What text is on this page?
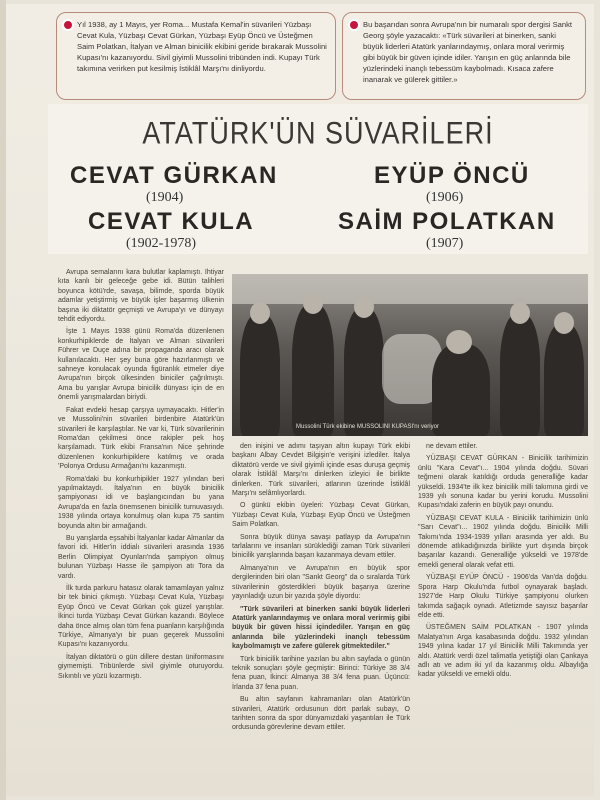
Yıl 1938, ay 1 Mayıs, yer Roma... Mustafa Kemal'in süvarileri Yüzbaşı Cevat Kula, Yüzbaşı Cevat Gürkan, Yüzbaşı Eyüp Öncü ve Üsteğmen Saim Polatkan, İtalyan ve Alman binicilik ekibini geride bırakarak Mussolini Kupası'nı kazanıyordu. Sivil giyimli Mussolini tribünden indi. Kupayı Türk takımına verirken put kesilmiş İstiklâl Marşı'nı dinliyordu.
Bu başarıdan sonra Avrupa'nın bir numaralı spor dergisi Sankt Georg şöyle yazacaktı: «Türk süvarileri at binerken, sanki büyük liderleri Atatürk yanlarındaymış, onlara moral verirmiş gibi büyük bir güven içinde idiler. Yarışın en güç anlarında bile yüzlerindeki inançlı tebessüm kaybolmadı. Kısaca zafere inanarak ve gülerek gittiler.»
ATATÜRK'ÜN SÜVARİLERİ
CEVAT GÜRKAN
(1904)
EYÜP ÖNCÜ
(1906)
CEVAT KULA
(1902-1978)
SAİM POLATKAN
(1907)

Avrupa semalarını kara bulutlar kaplamıştı. İhtiyar kıta kanlı bir geleceğe gebe idi. Bütün talihleri boyunca kötü'rde, savaşa, bilimde, sporda büyük adamlar yetiştirmiş ve büyük işler başarmış ülkenin başına iki diktatör geçmişti ve Avrupa'yı ve dünyayı tehdit ediyordu.

İşte 1 Mayıs 1938 günü Roma'da düzenlenen konkurhipiklerde de İtalyan ve Alman süvarileri Führer ve Duçe adına bir propaganda aracı olarak kullanılacaktı. Her şey buna göre hazırlanmıştı ve sahneye konulacak oyunda figüranlık etmeler diye Avrupa'nın birçok ülkesinden biniciler çağrılmıştı. Ama bu yarışlar Avrupa binicilik dünyası için de en önemli yarışmalardan biriydi.

Fakat evdeki hesap çarşıya uymayacaktı. Hitler'in ve Mussolini'nin süvarileri birdenbire Atatürk'ün süvarileri ile karşılaştılar. Ne var ki, Türk süvarilerinin Roma'dan çekilmesi önce rakipler pek hoş karşılamadı. Türk ekibi Fransa'nın Nice şehrinde düzenlenen konkurhipiklere katılmış ve orada 'Polonya Ordusu Armağanı'nı kazanmıştı.

Roma'daki bu konkurhipikler 1927 yılından beri yapılmaktaydı. İtalya'nın en büyük binicilik şampiyonası idi ve başlangıcından bu yana Avrupa'da en fazla önemsenen binicilik turnuvasıydı. 1938 yılında ortaya konulmuş olan kupa 75 santim boyunda altın bir armağandı.

Bu yarışlarda eşsahibi İtalyanlar kadar Almanlar da favori idi. Hitler'in iddialı süvarileri arasında 1936 Berlin Olimpiyat Oyunları'nda şampiyon olmuş bulunan Yüzbaşı Hasse ile şampiyon atı Tora da vardı.

İlk turda parkuru hatasız olarak tamamlayan yalnız bir tek binici çıkmıştı. Yüzbaşı Cevat Kula, Yüzbaşı Eyüp Öncü ve Cevat Gürkan çok güzel yarıştılar. İkinci turda Yüzbaşı Cevat Gürkan kazandı. Böylece daha önce almış olan tüm fena puanların karşılığında Türkiye, Almanya'yı bir puan geçerek Mussolini Kupası'nı kazanıyordu.

İtalyan diktatörü o gün dillere destan üniformasını giymemişti. Tribünlerde sivil giyimle oturuyordu. Sıkıntılı ve yüzü kızarmıştı.

Mussolini Türk ekibine MUSSOLINI KUPASI'nı veriyor

den inişini ve adımı taşıyan altın kupayı Türk ekibi başkanı Albay Cevdet Bilgişin'e verişini izlediler. İtalya diktatörü verde ve sivil giyimli içinde esas duruşa geçmiş olarak İstiklâl Marşı'nı dinlerken izleyici ile birlikte dinlerken. Türk süvarileri, atlarının üzerinde İstiklâl Marşı'nı selâmlıyorlardı.

O günkü ekibin üyeleri: Yüzbaşı Cevat Gürkan, Yüzbaşı Cevat Kula, Yüzbaşı Eyüp Öncü ve Üsteğmen Saim Polatkan.

Sonra büyük dünya savaşı patlayıp da Avrupa'nın tarlalarını ve insanları sürüklediği zaman Türk süvarileri binicilik yarışlarında başarı kazanmaya devam ettiler.

Almanya'nın ve Avrupa'nın en büyük spor dergilerinden biri olan "Sankt Georg" da o sıralarda Türk süvarilerinin gösterdikleri büyük başarıya üzerine yayınladığı uzun bir yazıda şöyle diyordu:

"Türk süvarileri at binerken sanki büyük liderleri Atatürk yanlarındaymış ve onlara moral verirmiş gibi büyük bir güven hissi içindediler. Yarışın en güç anlarında bile yüzlerindeki inançlı tebessüm kaybolmamıştı ve zafere gülerek gitmektediler."

Türk binicilik tarihine yazılan bu altın sayfada o günün teknik sonuçları şöyle geçmiştir: Birinci: Türkiye 38 3/4 fena puan, İkinci: Almanya 38 3/4 fena puan. Üçüncü: İrlanda 37 fena puan.

Bu altın sayfanın kahramanları olan Atatürk'ün süvarileri, Atatürk ordusunun dört parlak subayı, O tarihten sonra da spor dünyamızdaki yaşantıları ile Türk ordusunda görevlerine devam ettiler.

ne devam ettiler.

YÜZBAŞI CEVAT GÜRKAN - Binicilik tarihimizin ünlü "Kara Cevat"ı... 1904 yılında doğdu. Süvari teğmeni olarak katıldığı orduda generalliğe kadar yükseldi. 1934'te ilk kez binicilik milli takımına girdi ve 1939 yılı sonuna kadar bu yerini korudu. Mussolini Kupası'ndaki zaferin en büyük payı onundu.

YÜZBAŞI CEVAT KULA - Binicilik tarihimizin ünlü "Sarı Cevat"ı... 1902 yılında doğdu. Binicilik Milli Takımı'nda 1934-1939 yılları arasında yer aldı. Bu dönemde atlıkadığınızda birlikte yurt dışında birçok başarılar kazandı. Generalliğe yükseldi ve 1978'de emekli general olarak vefat etti.

YÜZBAŞI EYÜP ÖNCÜ - 1906'da Van'da doğdu. Spora Harp Okulu'nda futbol oynayarak başladı. 1927'de Harp Okulu Türkiye şampiyonu olurken takımda sağaçık oynadı. Atletizmde sayısız başarılar elde etti.

ÜSTEĞMEN SAİM POLATKAN - 1907 yılında Malatya'nın Arga kasabasında doğdu. 1932 yılından 1949 yılına kadar 17 yıl Binicilik Milli Takımında yer aldı. Atatürk verdi özel talimatla yetiştiği olan Çankaya adlı atı ve adım iki yıl da kazanmış oldu. Albaylığa kadar yükseldi ve emekli oldu.
